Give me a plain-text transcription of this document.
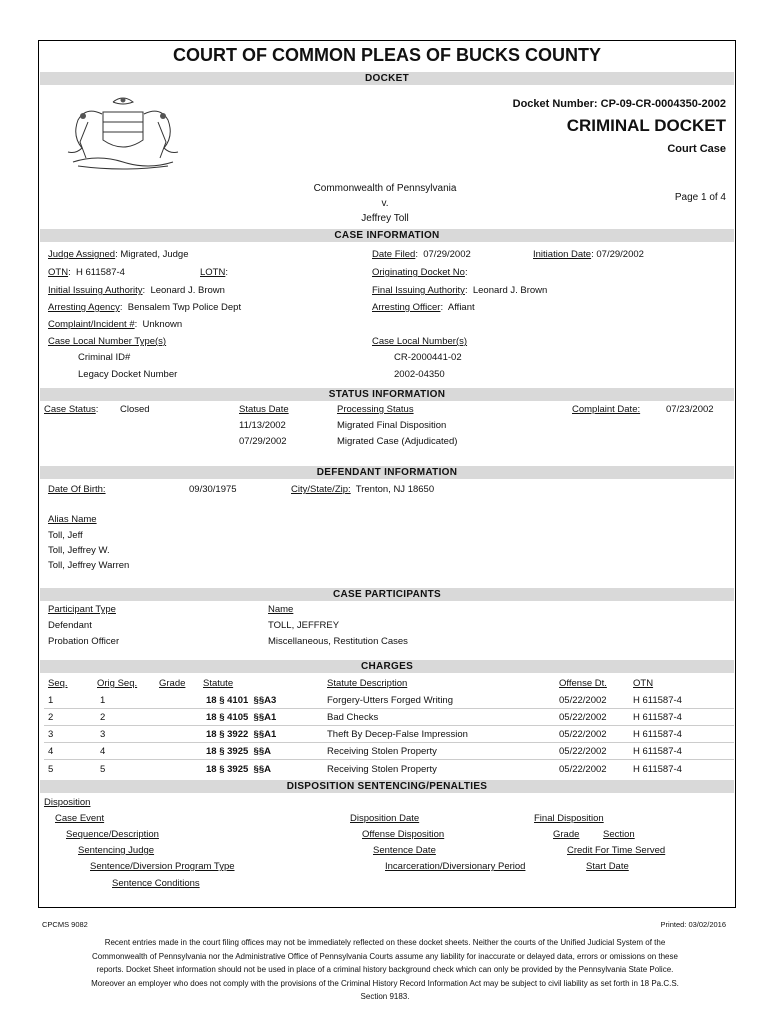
COURT OF COMMON PLEAS OF BUCKS COUNTY
DOCKET
Docket Number: CP-09-CR-0004350-2002
CRIMINAL DOCKET
Court Case
Commonwealth of Pennsylvania
v.
Jeffrey Toll
Page 1 of 4
CASE INFORMATION
Judge Assigned: Migrated, Judge	Date Filed:  07/29/2002	Initiation Date: 07/29/2002
OTN:  H 611587-4	LOTN:	Originating Docket No:
Initial Issuing Authority:  Leonard J. Brown	Final Issuing Authority:  Leonard J. Brown
Arresting Agency:  Bensalem Twp Police Dept	Arresting Officer:  Affiant
Complaint/Incident #:  Unknown
Case Local Number Type(s)	Case Local Number(s)
Criminal ID#	CR-2000441-02
Legacy Docket Number	2002-04350
STATUS INFORMATION
Case Status: Closed	Status Date	Processing Status	Complaint Date:	07/23/2002
11/13/2002	Migrated Final Disposition
07/29/2002	Migrated Case (Adjudicated)
DEFENDANT INFORMATION
Date Of Birth:	09/30/1975	City/State/Zip: Trenton, NJ 18650
Alias Name
Toll, Jeff
Toll, Jeffrey W.
Toll, Jeffrey Warren
CASE PARTICIPANTS
Participant Type	Name
Defendant	TOLL, JEFFREY
Probation Officer	Miscellaneous, Restitution Cases
CHARGES
Seq.	Orig Seq. Grade Statute	Statute Description	Offense Dt.	OTN
1	1	18 § 4101  §§A3	Forgery-Utters Forged Writing	05/22/2002	H 611587-4
2	2	18 § 4105  §§A1	Bad Checks	05/22/2002	H 611587-4
3	3	18 § 3922  §§A1	Theft By Decep-False Impression	05/22/2002	H 611587-4
4	4	18 § 3925  §§A	Receiving Stolen Property	05/22/2002	H 611587-4
5	5	18 § 3925  §§A	Receiving Stolen Property	05/22/2002	H 611587-4
DISPOSITION SENTENCING/PENALTIES
Disposition
Case Event
Sequence/Description
Sentencing Judge
Sentence/Diversion Program Type
Sentence Conditions
Disposition Date
Offense Disposition
Sentence Date
Incarceration/Diversionary Period
Final Disposition
Grade Section
Credit For Time Served
Start Date
CPCMS 9082	Printed: 03/02/2016
Recent entries made in the court filing offices may not be immediately reflected on these docket sheets. Neither the courts of the Unified Judicial System of the Commonwealth of Pennsylvania nor the Administrative Office of Pennsylvania Courts assume any liability for inaccurate or delayed data, errors or omissions on these reports. Docket Sheet information should not be used in place of a criminal history background check which can only be provided by the Pennsylvania State Police. Moreover an employer who does not comply with the provisions of the Criminal History Record Information Act may be subject to civil liability as set forth in 18 Pa.C.S. Section 9183.
